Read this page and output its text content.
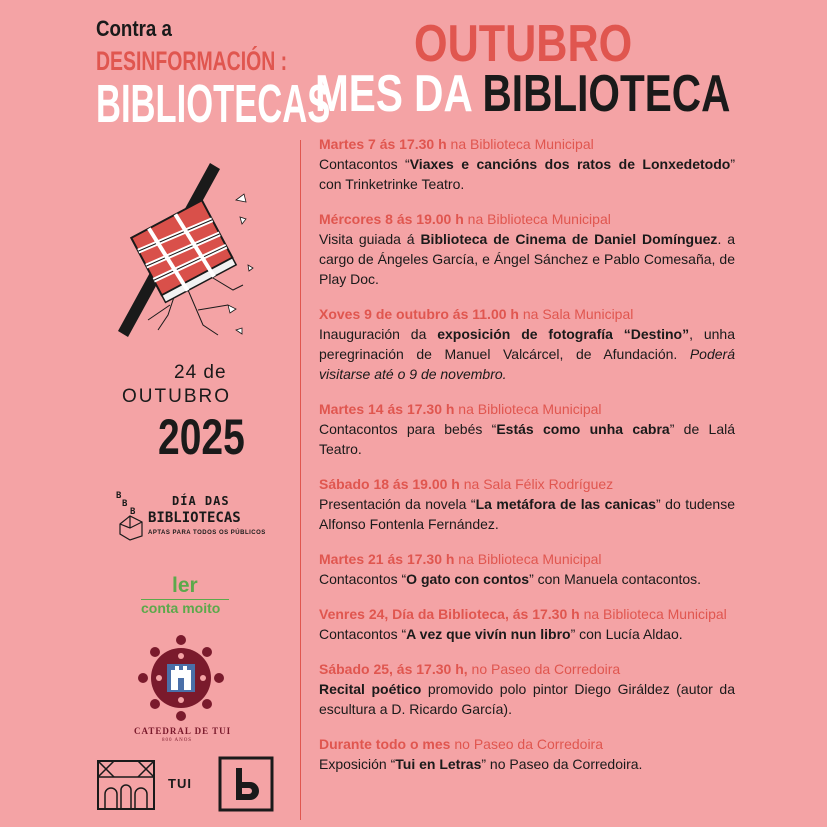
Contra a
DESINFORMACIÓN :
BIBLIOTECAS
OUTUBRO
MES DA BIBLIOTECA
24 de
OUTUBRO
2025
B
B
B
DÍA DAS
BIBLIOTECAS
APTAS PARA TODOS OS PÚBLICOS
ler
conta moito
CATEDRAL DE TUI
800 ANOS
TUI
Martes 7 ás 17.30 h na Biblioteca Municipal
Contacontos “Viaxes e cancións dos ratos de Lonxedetodo” con Trinketrinke Teatro.
Mércores 8 ás 19.00 h na Biblioteca Municipal
Visita guiada á Biblioteca de Cinema de Daniel Domínguez. a cargo de Ángeles García, e Ángel Sánchez e Pablo Comesaña, de Play Doc.
Xoves 9 de outubro ás 11.00 h na Sala Municipal
Inauguración da exposición de fotografía “Destino”, unha peregrinación de Manuel Valcárcel, de Afundación. Poderá visitarse até o 9 de novembro.
Martes 14 ás 17.30 h na Biblioteca Municipal
Contacontos para bebés “Estás como unha cabra” de Lalá Teatro.
Sábado 18 ás 19.00 h na Sala Félix Rodríguez
Presentación da novela “La metáfora de las canicas” do tudense Alfonso Fontenla Fernández.
Martes 21 ás 17.30 h na Biblioteca Municipal
Contacontos “O gato con contos” con Manuela contacontos.
Venres 24, Día da Biblioteca, ás 17.30 h na Biblioteca Municipal
Contacontos “A vez que vivín nun libro” con Lucía Aldao.
Sábado 25, ás 17.30 h, no Paseo da Corredoira
Recital poético promovido polo pintor Diego Giráldez (autor da escultura a D. Ricardo García).
Durante todo o mes no Paseo da Corredoira
Exposición “Tui en Letras” no Paseo da Corredoira.
